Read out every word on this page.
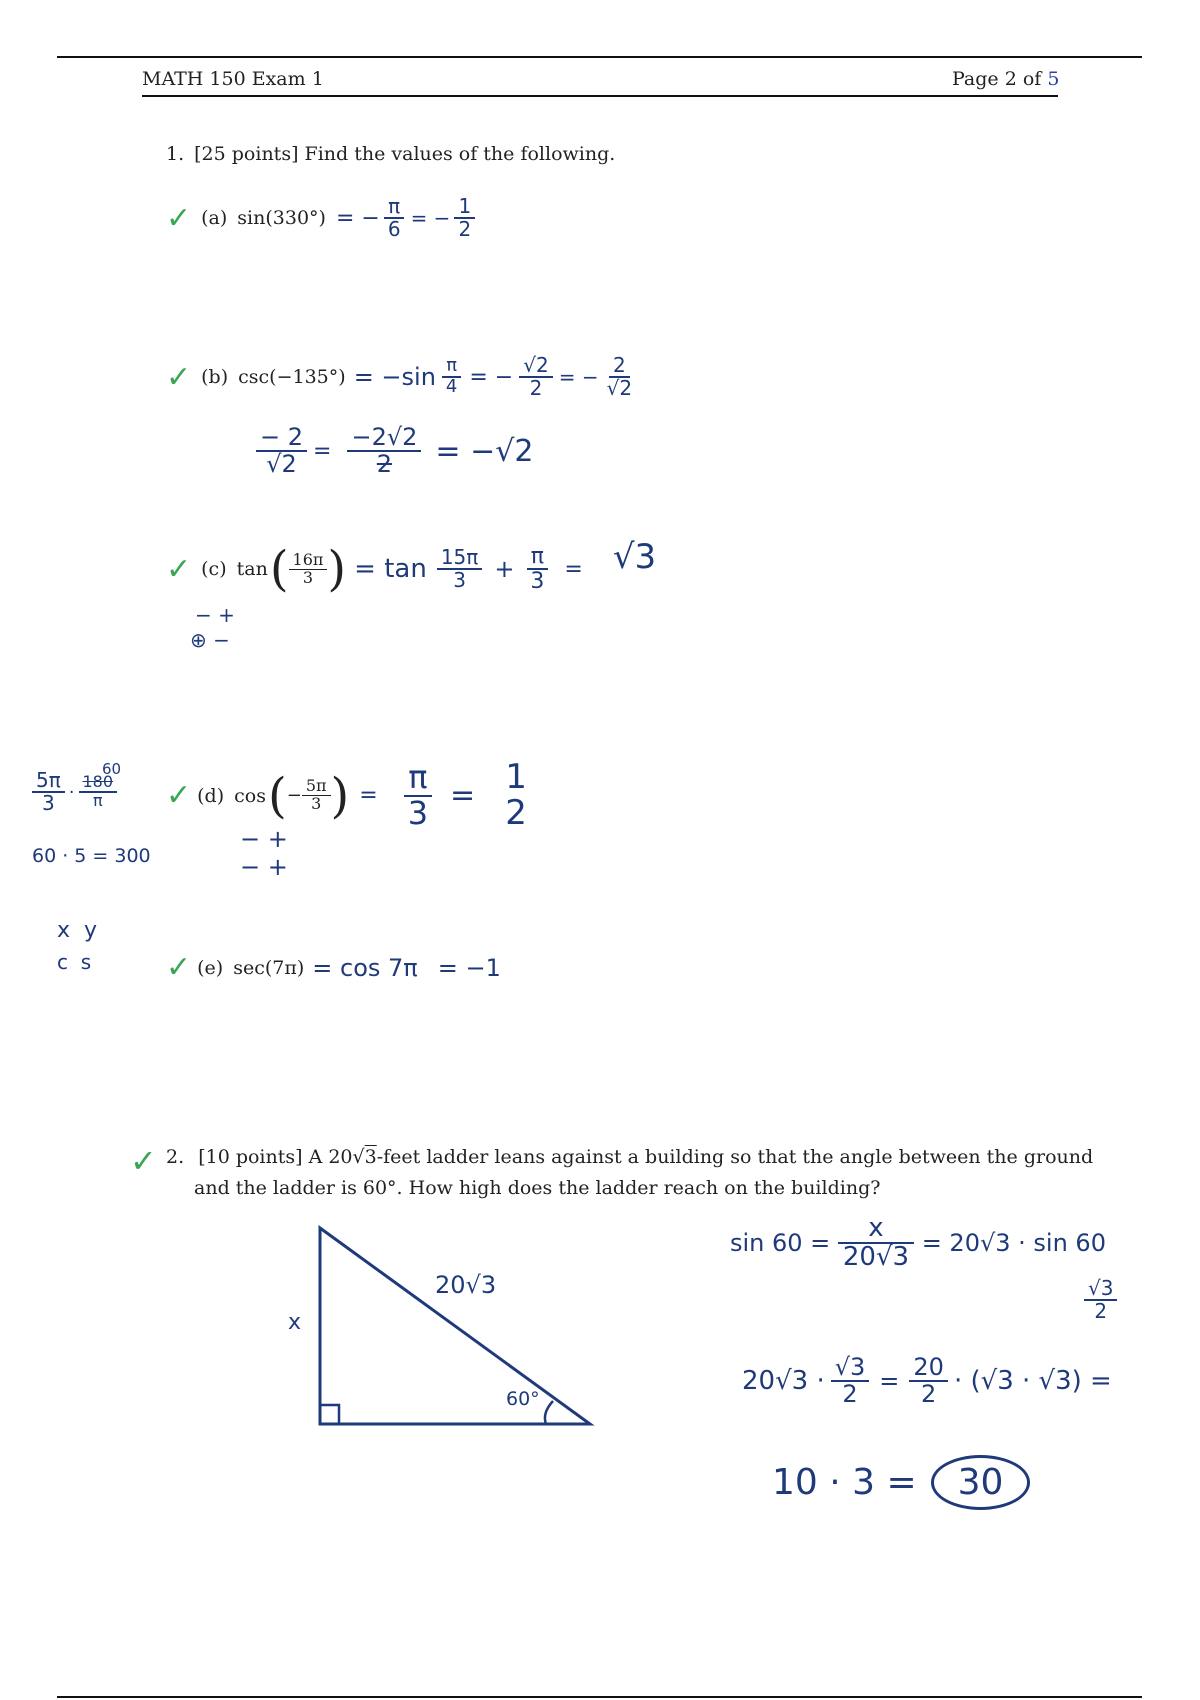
MATH 150 Exam 1	Page 2 of 5
1. [25 points] Find the values of the following.
✓ (a) sin(330°) = − $\frac{\pi}{6}$ = − $\frac{1}{2}$
✓ (b) $\csc(-135^\circ) = -\sin \frac{\pi}{4}$ = − $\frac{√2}{2}$ = − $\frac{2}{√2}$
$\frac{- 2}{√2} = \frac{-2√2}{2} = -√2$
✓ (c) tan ( $\frac{16\pi}{3}$ ) = $\tan \frac{15\pi}{3} + \frac{\pi}{3} = √3$
− +
⊕ −
$\frac{5\pi}{3} \cdot \frac{180}{\pi}$
60
60 · 5 = 300
✓ (d) cos ( − $\frac{5\pi}{3}$ ) = $\frac{\pi}{3} = 1$
2
− +
− +
x  y
c  s ✓ (e) sec(7π) = cos 7π = −1
✓ 2. [10 points] A 20√3-feet ladder leans against a building so that the angle between the ground
and the ladder is 60°. How high does the ladder reach on the building?
20√3
x
60°
$\sin 60 = \frac{x}{20√3} = 20√3 \cdot \sin 60$
$\frac{√3}{2}$
$20√3 \cdot \frac{√3}{2} = \frac{20}{2} \cdot (√3 \cdot √3)$ =
10 · 3 =	30
